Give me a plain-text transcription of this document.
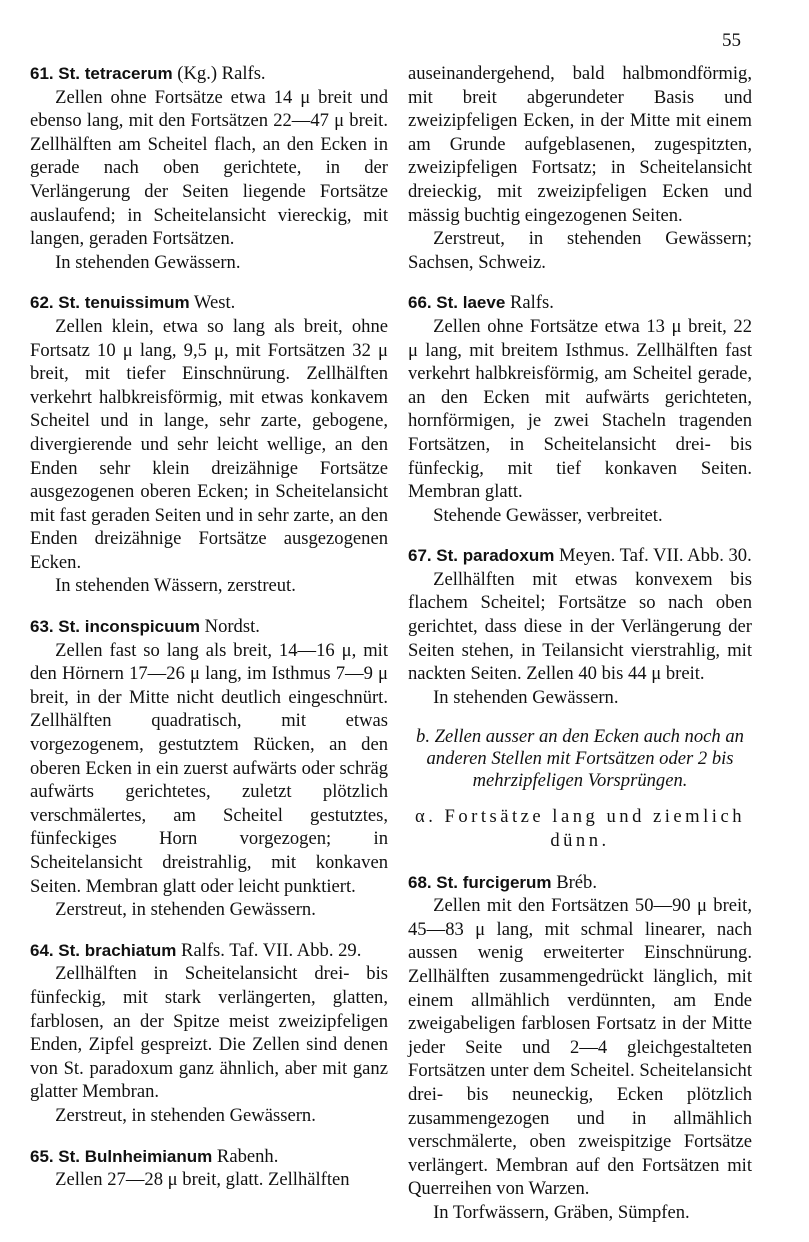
55

61. St. tetracerum (Kg.) Ralfs.

Zellen ohne Fortsätze etwa 14 μ breit und ebenso lang, mit den Fortsätzen 22—47 μ breit. Zellhälften am Scheitel flach, an den Ecken in gerade nach oben gerichtete, in der Verlängerung der Seiten liegende Fortsätze auslaufend; in Scheitelansicht viereckig, mit langen, geraden Fortsätzen.

In stehenden Gewässern.

62. St. tenuissimum West.

Zellen klein, etwa so lang als breit, ohne Fortsatz 10 μ lang, 9,5 μ, mit Fortsätzen 32 μ breit, mit tiefer Einschnürung. Zellhälften verkehrt halbkreisförmig, mit etwas konkavem Scheitel und in lange, sehr zarte, gebogene, divergierende und sehr leicht wellige, an den Enden sehr klein dreizähnige Fortsätze ausgezogenen oberen Ecken; in Scheitelansicht mit fast geraden Seiten und in sehr zarte, an den Enden dreizähnige Fortsätze ausgezogenen Ecken.

In stehenden Wässern, zerstreut.

63. St. inconspicuum Nordst.

Zellen fast so lang als breit, 14—16 μ, mit den Hörnern 17—26 μ lang, im Isthmus 7—9 μ breit, in der Mitte nicht deutlich eingeschnürt. Zellhälften quadratisch, mit etwas vorgezogenem, gestutztem Rücken, an den oberen Ecken in ein zuerst aufwärts oder schräg aufwärts gerichtetes, zuletzt plötzlich verschmälertes, am Scheitel gestutztes, fünfeckiges Horn vorgezogen; in Scheitelansicht dreistrahlig, mit konkaven Seiten. Membran glatt oder leicht punktiert.

Zerstreut, in stehenden Gewässern.

64. St. brachiatum Ralfs. Taf. VII. Abb. 29.

Zellhälften in Scheitelansicht drei- bis fünfeckig, mit stark verlängerten, glatten, farblosen, an der Spitze meist zweizipfeligen Enden, Zipfel gespreizt. Die Zellen sind denen von St. paradoxum ganz ähnlich, aber mit ganz glatter Membran.

Zerstreut, in stehenden Gewässern.

65. St. Bulnheimianum Rabenh.

Zellen 27—28 μ breit, glatt. Zellhälften

auseinandergehend, bald halbmondförmig, mit breit abgerundeter Basis und zweizipfeligen Ecken, in der Mitte mit einem am Grunde aufgeblasenen, zugespitzten, zweizipfeligen Fortsatz; in Scheitelansicht dreieckig, mit zweizipfeligen Ecken und mässig buchtig eingezogenen Seiten.

Zerstreut, in stehenden Gewässern; Sachsen, Schweiz.

66. St. laeve Ralfs.

Zellen ohne Fortsätze etwa 13 μ breit, 22 μ lang, mit breitem Isthmus. Zellhälften fast verkehrt halbkreisförmig, am Scheitel gerade, an den Ecken mit aufwärts gerichteten, hornförmigen, je zwei Stacheln tragenden Fortsätzen, in Scheitelansicht drei- bis fünfeckig, mit tief konkaven Seiten. Membran glatt.

Stehende Gewässer, verbreitet.

67. St. paradoxum Meyen. Taf. VII. Abb. 30.

Zellhälften mit etwas konvexem bis flachem Scheitel; Fortsätze so nach oben gerichtet, dass diese in der Verlängerung der Seiten stehen, in Teilansicht vierstrahlig, mit nackten Seiten. Zellen 40 bis 44 μ breit.

In stehenden Gewässern.

b. Zellen ausser an den Ecken auch noch an anderen Stellen mit Fortsätzen oder 2 bis mehrzipfeligen Vorsprüngen.

α. Fortsätze lang und ziemlich dünn.

68. St. furcigerum Bréb.

Zellen mit den Fortsätzen 50—90 μ breit, 45—83 μ lang, mit schmal linearer, nach aussen wenig erweiterter Einschnürung. Zellhälften zusammengedrückt länglich, mit einem allmählich verdünnten, am Ende zweigabeligen farblosen Fortsatz in der Mitte jeder Seite und 2—4 gleichgestalteten Fortsätzen unter dem Scheitel. Scheitelansicht drei- bis neuneckig, Ecken plötzlich zusammengezogen und in allmählich verschmälerte, oben zweispitzige Fortsätze verlängert. Membran auf den Fortsätzen mit Querreihen von Warzen.

In Torfwässern, Gräben, Sümpfen.
